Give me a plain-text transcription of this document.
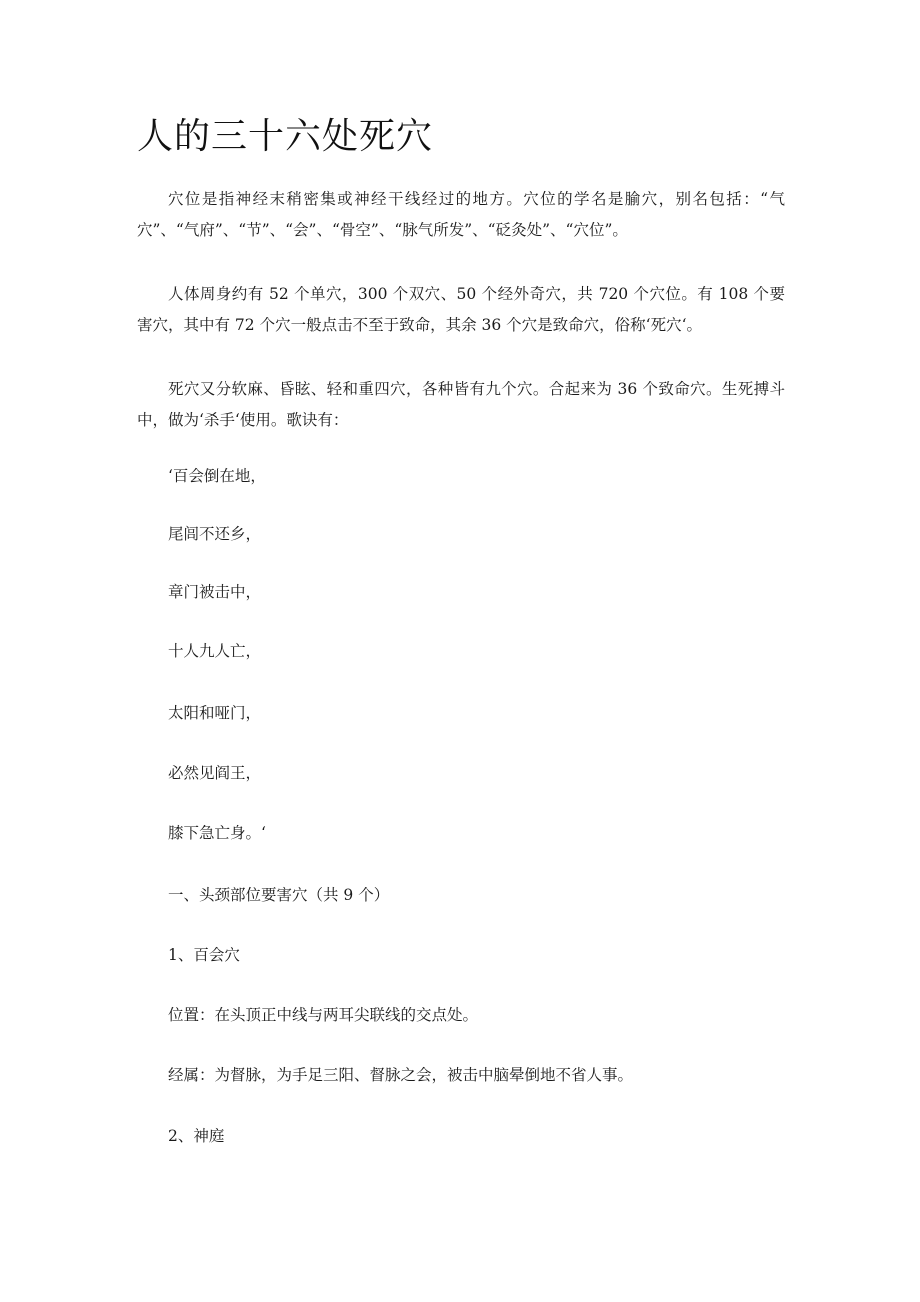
人的三十六处死穴

穴位是指神经末稍密集或神经干线经过的地方。穴位的学名是腧穴，别名包括：“气穴”、“气府”、“节”、“会”、“骨空”、“脉气所发”、“砭灸处”、“穴位”。

人体周身约有 52 个单穴，300 个双穴、50 个经外奇穴，共 720 个穴位。有 108 个要害穴，其中有 72 个穴一般点击不至于致命，其余 36 个穴是致命穴，俗称‘死穴‘。

死穴又分软麻、昏眩、轻和重四穴，各种皆有九个穴。合起来为 36 个致命穴。生死搏斗中，做为‘杀手‘使用。歌诀有：

‘百会倒在地，

尾闾不还乡，

章门被击中，

十人九人亡，

太阳和哑门，

必然见阎王，

膝下急亡身。‘

一、头颈部位要害穴（共 9 个）

1、百会穴

位置：在头顶正中线与两耳尖联线的交点处。

经属：为督脉，为手足三阳、督脉之会，被击中脑晕倒地不省人事。

2、神庭
